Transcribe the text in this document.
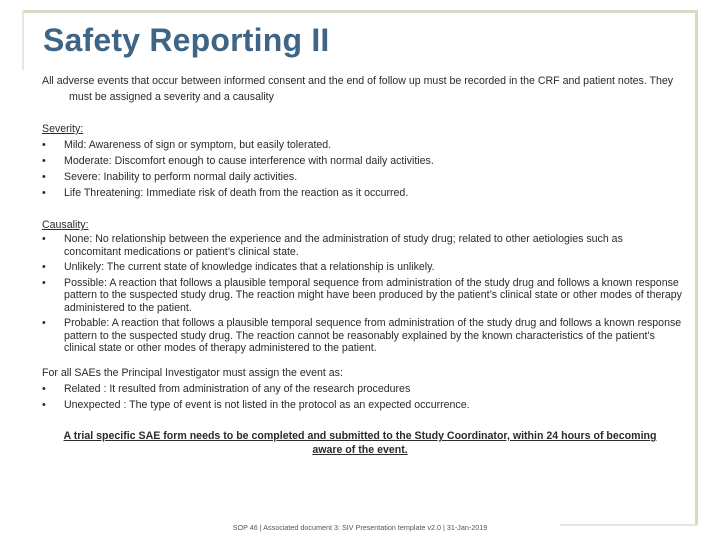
Safety Reporting II

All adverse events that occur between informed consent and the end of follow up must be recorded in the CRF and patient notes. They must be assigned a severity and a causality

Severity:
• Mild: Awareness of sign or symptom, but easily tolerated.
• Moderate: Discomfort enough to cause interference with normal daily activities.
• Severe: Inability to perform normal daily activities.
• Life Threatening: Immediate risk of death from the reaction as it occurred.
Causality:
• None: No relationship between the experience and the administration of study drug; related to other aetiologies such as concomitant medications or patient’s clinical state.
• Unlikely: The current state of knowledge indicates that a relationship is unlikely.
• Possible: A reaction that follows a plausible temporal sequence from administration of the study drug and follows a known response pattern to the suspected study drug. The reaction might have been produced by the patient’s clinical state or other modes of therapy administered to the patient.
• Probable: A reaction that follows a plausible temporal sequence from administration of the study drug and follows a known response pattern to the suspected study drug. The reaction cannot be reasonably explained by the known characteristics of the patient’s clinical state or other modes of therapy administered to the patient.
For all SAEs the Principal Investigator must assign the event as:
• Related : It resulted from administration of any of the research procedures
• Unexpected : The type of event is not listed in the protocol as an expected occurrence.
A trial specific SAE form needs to be completed and submitted to the Study Coordinator, within 24 hours of becoming aware of the event.
SOP 46 | Associated document 3: SIV Presentation template v2.0 | 31-Jan-2019
